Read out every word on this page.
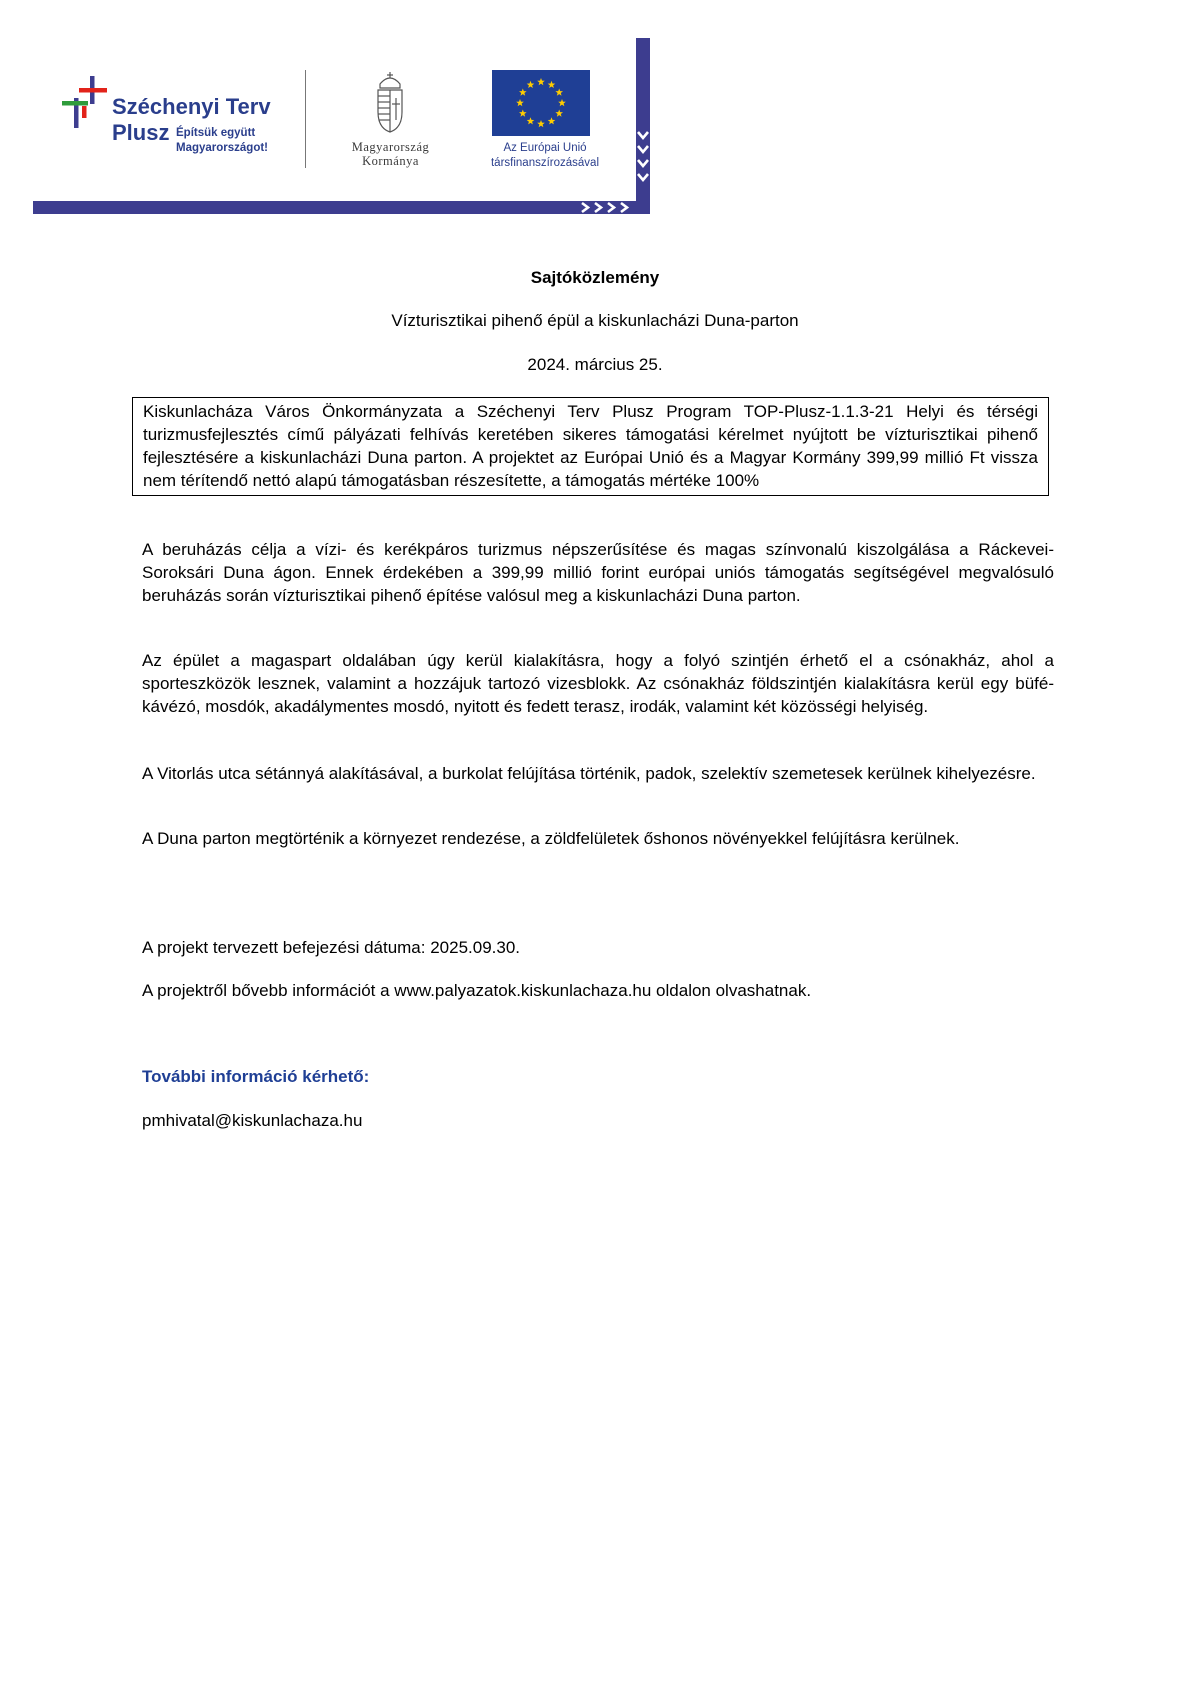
Széchenyi Terv
Plusz Építsük együtt
Magyarországot!	Magyarország
Kormánya
Az Európai Unió
társfinanszírozásával
Sajtóközlemény
Vízturisztikai pihenő épül a kiskunlacházi Duna-parton
2024. március 25.
Kiskunlacháza Város Önkormányzata a Széchenyi Terv Plusz Program TOP-Plusz-1.1.3-21 Helyi és térségi turizmusfejlesztés című pályázati felhívás keretében sikeres támogatási kérelmet nyújtott be vízturisztikai pihenő fejlesztésére a kiskunlacházi Duna parton. A projektet az Európai Unió és a Magyar Kormány 399,99 millió Ft vissza nem térítendő nettó alapú támogatásban részesítette, a támogatás mértéke 100%
A beruházás célja a vízi- és kerékpáros turizmus népszerűsítése és magas színvonalú kiszolgálása a Ráckevei-Soroksári Duna ágon. Ennek érdekében a 399,99 millió forint európai uniós támogatás segítségével megvalósuló beruházás során vízturisztikai pihenő építése valósul meg a kiskunlacházi Duna parton.
Az épület a magaspart oldalában úgy kerül kialakításra, hogy a folyó szintjén érhető el a csónakház, ahol a sporteszközök lesznek, valamint a hozzájuk tartozó vizesblokk. Az csónakház földszintjén kialakításra kerül egy büfé-kávézó, mosdók, akadálymentes mosdó, nyitott és fedett terasz, irodák, valamint két közösségi helyiség.
A Vitorlás utca sétánnyá alakításával, a burkolat felújítása történik, padok, szelektív szemetesek kerülnek kihelyezésre.
A Duna parton megtörténik a környezet rendezése, a zöldfelületek őshonos növényekkel felújításra kerülnek.
A projekt tervezett befejezési dátuma: 2025.09.30.
A projektről bővebb információt a www.palyazatok.kiskunlachaza.hu oldalon olvashatnak.
További információ kérhető:
pmhivatal@kiskunlachaza.hu
